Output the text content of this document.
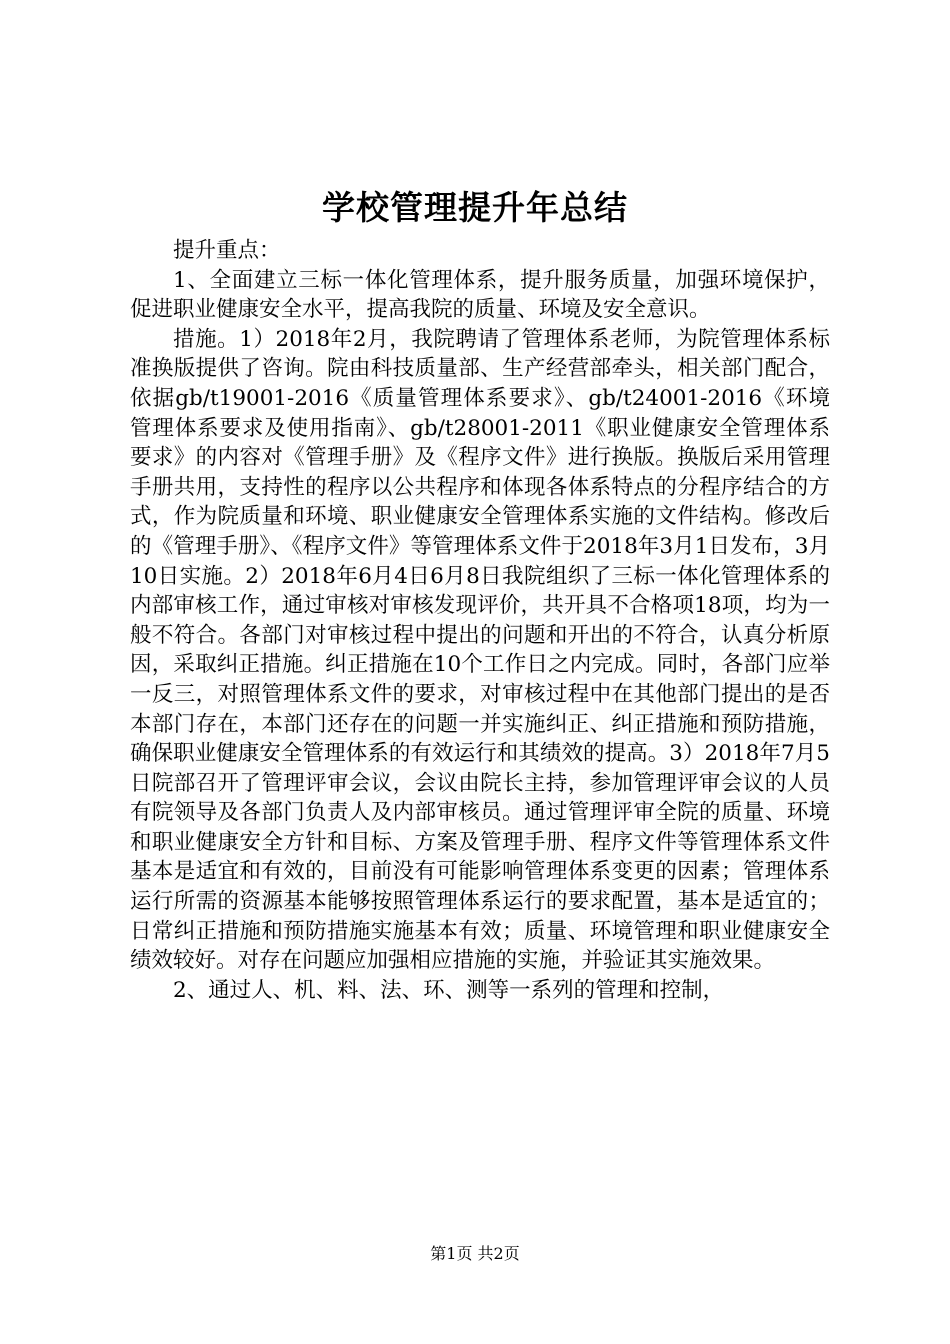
学校管理提升年总结

提升重点：

1、全面建立三标一体化管理体系，提升服务质量，加强环境保护，促进职业健康安全水平，提高我院的质量、环境及安全意识。

措施。1）2018年2月，我院聘请了管理体系老师，为院管理体系标准换版提供了咨询。院由科技质量部、生产经营部牵头，相关部门配合，依据gb/t19001-2016《质量管理体系要求》、gb/t24001-2016《环境管理体系要求及使用指南》、gb/t28001-2011《职业健康安全管理体系要求》的内容对《管理手册》及《程序文件》进行换版。换版后采用管理手册共用，支持性的程序以公共程序和体现各体系特点的分程序结合的方式，作为院质量和环境、职业健康安全管理体系实施的文件结构。修改后的《管理手册》、《程序文件》等管理体系文件于2018年3月1日发布，3月10日实施。2）2018年6月4日6月8日我院组织了三标一体化管理体系的内部审核工作，通过审核对审核发现评价，共开具不合格项18项，均为一般不符合。各部门对审核过程中提出的问题和开出的不符合，认真分析原因，采取纠正措施。纠正措施在10个工作日之内完成。同时，各部门应举一反三，对照管理体系文件的要求，对审核过程中在其他部门提出的是否本部门存在，本部门还存在的问题一并实施纠正、纠正措施和预防措施，确保职业健康安全管理体系的有效运行和其绩效的提高。3）2018年7月5日院部召开了管理评审会议，会议由院长主持，参加管理评审会议的人员有院领导及各部门负责人及内部审核员。通过管理评审全院的质量、环境和职业健康安全方针和目标、方案及管理手册、程序文件等管理体系文件基本是适宜和有效的，目前没有可能影响管理体系变更的因素；管理体系运行所需的资源基本能够按照管理体系运行的要求配置，基本是适宜的；日常纠正措施和预防措施实施基本有效；质量、环境管理和职业健康安全绩效较好。对存在问题应加强相应措施的实施，并验证其实施效果。

2、通过人、机、料、法、环、测等一系列的管理和控制，

第1页 共2页
